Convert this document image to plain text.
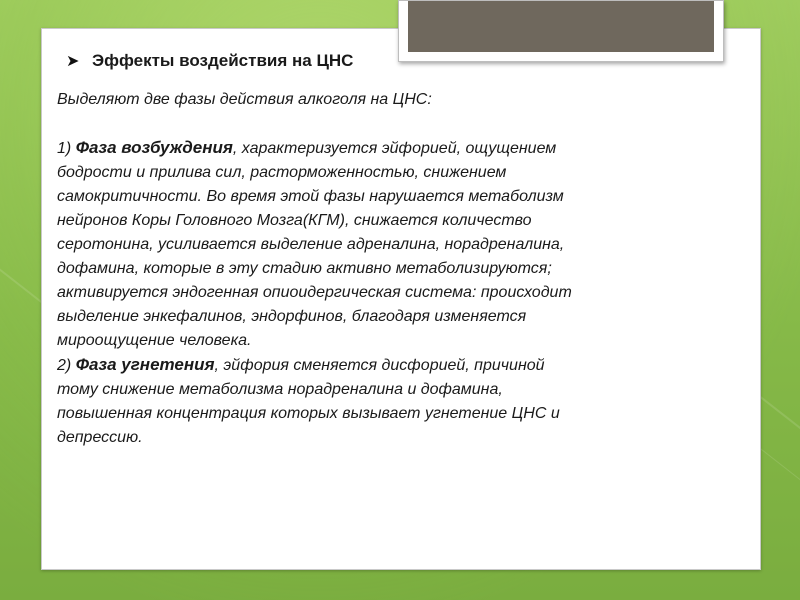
➤ Эффекты воздействия на ЦНС

Выделяют две фазы действия алкоголя на ЦНС:

1) Фаза возбуждения, характеризуется эйфорией, ощущением
бодрости и прилива сил, расторможенностью, снижением
самокритичности. Во время этой фазы нарушается метаболизм
нейронов Коры Головного Мозга(КГМ), снижается количество
серотонина, усиливается выделение адреналина, норадреналина,
дофамина, которые в эту стадию активно метаболизируются;
активируется эндогенная опиоидергическая система: происходит
выделение энкефалинов, эндорфинов, благодаря изменяется
мироощущение человека.

2) Фаза угнетения, эйфория сменяется дисфорией, причиной
тому снижение метаболизма норадреналина и дофамина,
повышенная концентрация которых вызывает угнетение ЦНС и
депрессию.
